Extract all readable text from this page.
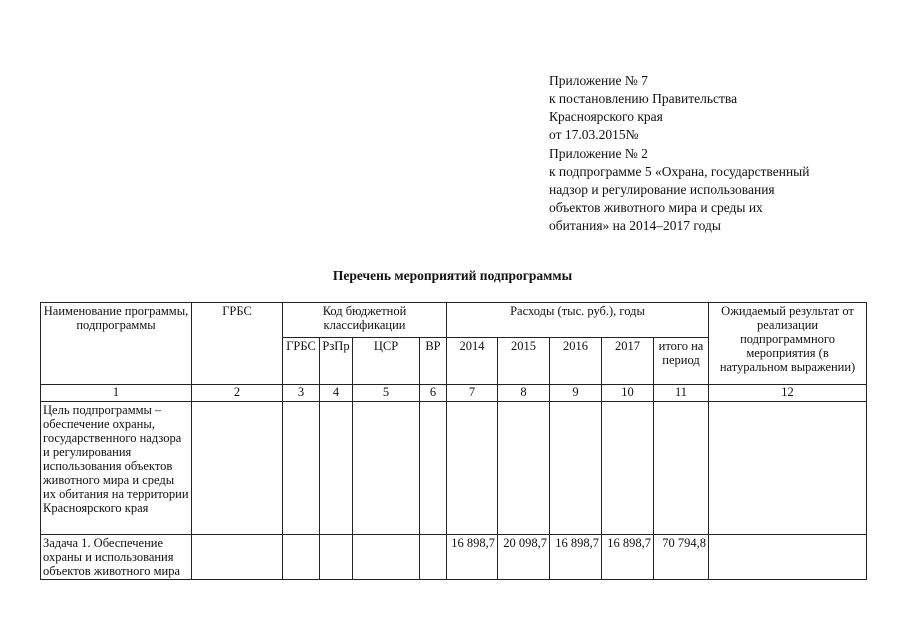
Приложение № 7
к постановлению Правительства
Красноярского края
от 17.03.2015№
Приложение № 2
к подпрограмме 5 «Охрана, государственный
надзор и регулирование использования
объектов животного мира и среды их
обитания» на 2014–2017 годы
Перечень мероприятий подпрограммы
Наименование программы, подпрограммы	ГРБС	Код бюджетной классификации				Расходы (тыс. руб.), годы					Ожидаемый результат от реализации подпрограммного мероприятия (в натуральном выражении)
		ГРБС	РзПр	ЦСР	ВР	2014	2015	2016	2017	итого на период	
1	2	3	4	5	6	7	8	9	10	11	12
Цель подпрограммы – обеспечение охраны, государственного надзора и регулирования использования объектов животного мира и среды их обитания на территории Красноярского края											
Задача 1. Обеспечение охраны и использования объектов животного мира						16 898,7	20 098,7	16 898,7	16 898,7	70 794,8	
